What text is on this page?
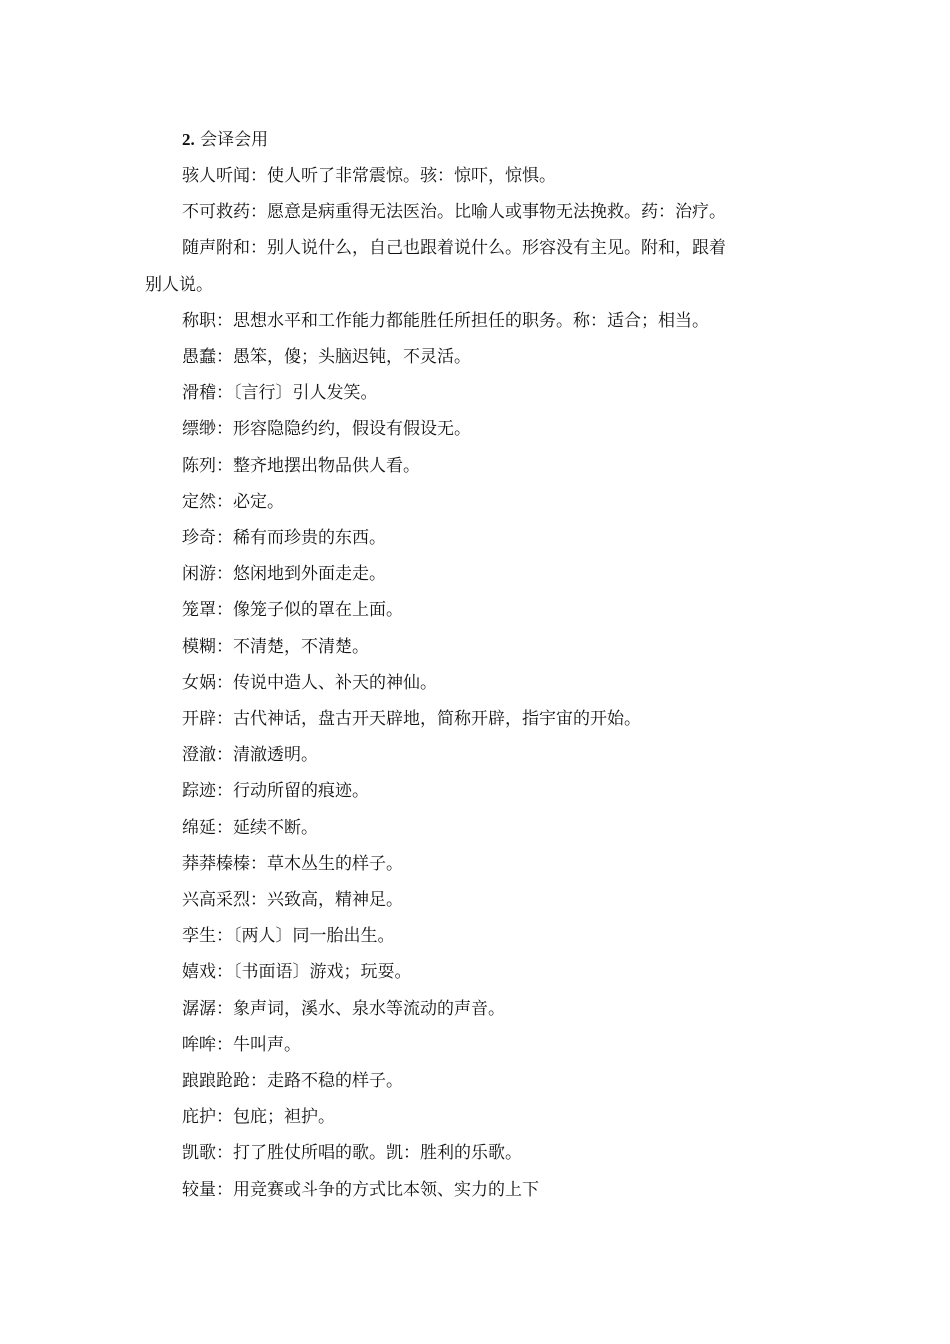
2. 会译会用
骇人听闻：使人听了非常震惊。骇：惊吓，惊惧。
不可救药：愿意是病重得无法医治。比喻人或事物无法挽救。药：治疗。
随声附和：别人说什么，自己也跟着说什么。形容没有主见。附和，跟着
别人说。
称职：思想水平和工作能力都能胜任所担任的职务。称：适合；相当。
愚蠢：愚笨，傻；头脑迟钝，不灵活。
滑稽：〔言行〕引人发笑。
缥缈：形容隐隐约约，假设有假设无。
陈列：整齐地摆出物品供人看。
定然：必定。
珍奇：稀有而珍贵的东西。
闲游：悠闲地到外面走走。
笼罩：像笼子似的罩在上面。
模糊：不清楚，不清楚。
女娲：传说中造人、补天的神仙。
开辟：古代神话，盘古开天辟地，简称开辟，指宇宙的开始。
澄澈：清澈透明。
踪迹：行动所留的痕迹。
绵延：延续不断。
莽莽榛榛：草木丛生的样子。
兴高采烈：兴致高，精神足。
孪生：〔两人〕同一胎出生。
嬉戏：〔书面语〕游戏；玩耍。
潺潺：象声词，溪水、泉水等流动的声音。
哞哞：牛叫声。
踉踉跄跄：走路不稳的样子。
庇护：包庇；袒护。
凯歌：打了胜仗所唱的歌。凯：胜利的乐歌。
较量：用竞赛或斗争的方式比本领、实力的上下
